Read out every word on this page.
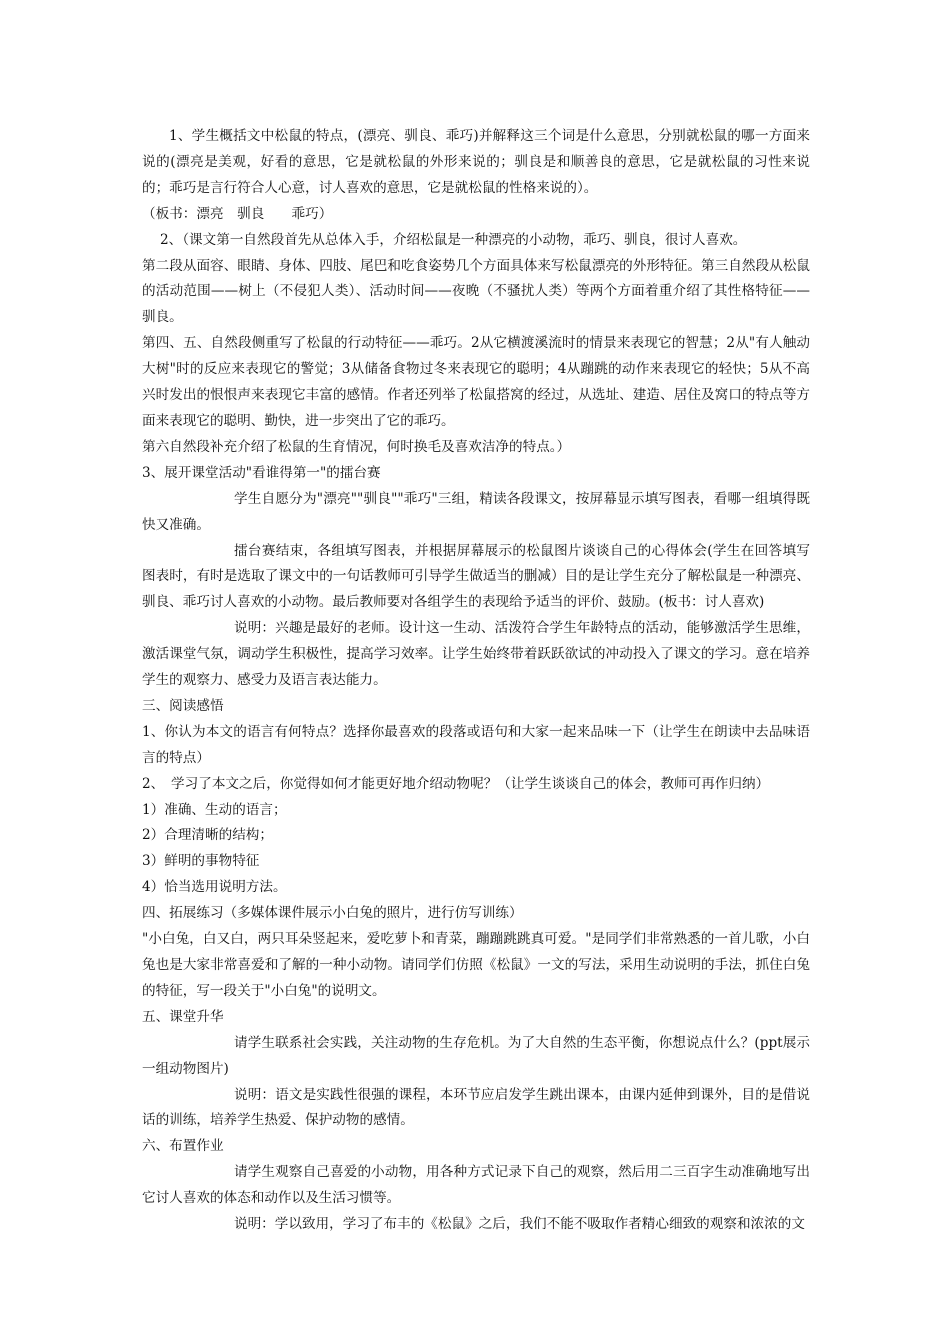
1、学生概括文中松鼠的特点，(漂亮、驯良、乖巧)并解释这三个词是什么意思，分别就松鼠的哪一方面来说的(漂亮是美观，好看的意思，它是就松鼠的外形来说的；驯良是和顺善良的意思，它是就松鼠的习性来说的；乖巧是言行符合人心意，讨人喜欢的意思，它是就松鼠的性格来说的）。

（板书：漂亮　驯良　　乖巧）

2、（课文第一自然段首先从总体入手，介绍松鼠是一种漂亮的小动物，乖巧、驯良，很讨人喜欢。

第二段从面容、眼睛、身体、四肢、尾巴和吃食姿势几个方面具体来写松鼠漂亮的外形特征。第三自然段从松鼠的活动范围——树上（不侵犯人类）、活动时间——夜晚（不骚扰人类）等两个方面着重介绍了其性格特征——驯良。

第四、五、自然段侧重写了松鼠的行动特征——乖巧。2从它横渡溪流时的情景来表现它的智慧；2从"有人触动大树"时的反应来表现它的警觉；3从储备食物过冬来表现它的聪明；4从蹦跳的动作来表现它的轻快；5从不高兴时发出的恨恨声来表现它丰富的感情。作者还列举了松鼠搭窝的经过，从选址、建造、居住及窝口的特点等方面来表现它的聪明、勤快，进一步突出了它的乖巧。

第六自然段补充介绍了松鼠的生育情况，何时换毛及喜欢洁净的特点。）

3、展开课堂活动"看谁得第一"的擂台赛

学生自愿分为"漂亮""驯良""乖巧"三组，精读各段课文，按屏幕显示填写图表，看哪一组填得既快又准确。

擂台赛结束，各组填写图表，并根据屏幕展示的松鼠图片谈谈自己的心得体会(学生在回答填写图表时，有时是选取了课文中的一句话教师可引导学生做适当的删减）目的是让学生充分了解松鼠是一种漂亮、驯良、乖巧讨人喜欢的小动物。最后教师要对各组学生的表现给予适当的评价、鼓励。(板书：讨人喜欢)

说明：兴趣是最好的老师。设计这一生动、活泼符合学生年龄特点的活动，能够激活学生思维，激活课堂气氛，调动学生积极性，提高学习效率。让学生始终带着跃跃欲试的冲动投入了课文的学习。意在培养学生的观察力、感受力及语言表达能力。

三、阅读感悟

1、你认为本文的语言有何特点？选择你最喜欢的段落或语句和大家一起来品味一下（让学生在朗读中去品味语言的特点）

2、　学习了本文之后，你觉得如何才能更好地介绍动物呢？（让学生谈谈自己的体会，教师可再作归纳）

1）准确、生动的语言；

2）合理清晰的结构；

3）鲜明的事物特征

4）恰当选用说明方法。

四、拓展练习（多媒体课件展示小白兔的照片，进行仿写训练）

"小白兔，白又白，两只耳朵竖起来，爱吃萝卜和青菜，蹦蹦跳跳真可爱。"是同学们非常熟悉的一首儿歌，小白兔也是大家非常喜爱和了解的一种小动物。请同学们仿照《松鼠》一文的写法，采用生动说明的手法，抓住白兔的特征，写一段关于"小白兔"的说明文。

五、课堂升华

请学生联系社会实践，关注动物的生存危机。为了大自然的生态平衡，你想说点什么？(ppt展示一组动物图片)

说明：语文是实践性很强的课程，本环节应启发学生跳出课本，由课内延伸到课外，目的是借说话的训练，培养学生热爱、保护动物的感情。

六、布置作业

请学生观察自己喜爱的小动物，用各种方式记录下自己的观察，然后用二三百字生动准确地写出它讨人喜欢的体态和动作以及生活习惯等。

说明：学以致用，学习了布丰的《松鼠》之后，我们不能不吸取作者精心细致的观察和浓浓的文
